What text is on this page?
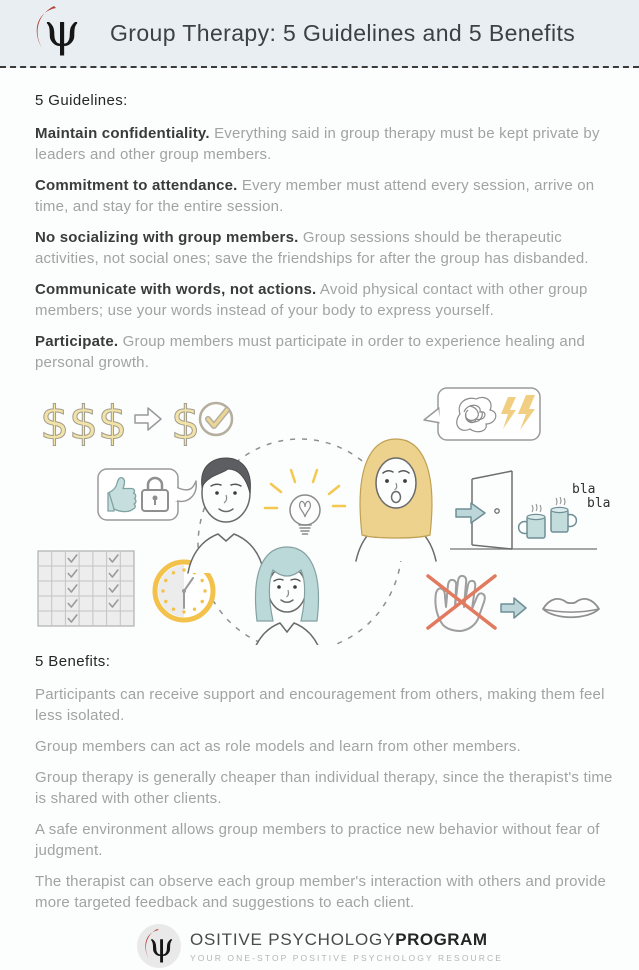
ψ Group Therapy: 5 Guidelines and 5 Benefits
5 Guidelines:

Maintain confidentiality. Everything said in group therapy must be kept private by leaders and other group members.

Commitment to attendance. Every member must attend every session, arrive on time, and stay for the entire session.

No socializing with group members. Group sessions should be therapeutic activities, not social ones; save the friendships for after the group has disbanded.

Communicate with words, not actions. Avoid physical contact with other group members; use your words instead of your body to express yourself.

Participate. Group members must participate in order to experience healing and personal growth.

$ $ $ $
bla
bla
5 Benefits:

Participants can receive support and encouragement from others, making them feel less isolated.

Group members can act as role models and learn from other members.

Group therapy is generally cheaper than individual therapy, since the therapist's time is shared with other clients.

A safe environment allows group members to practice new behavior without fear of judgment.

The therapist can observe each group member's interaction with others and provide more targeted feedback and suggestions to each client.

ψ OSITIVE PSYCHOLOGYPROGRAM
YOUR ONE-STOP POSITIVE PSYCHOLOGY RESOURCE
